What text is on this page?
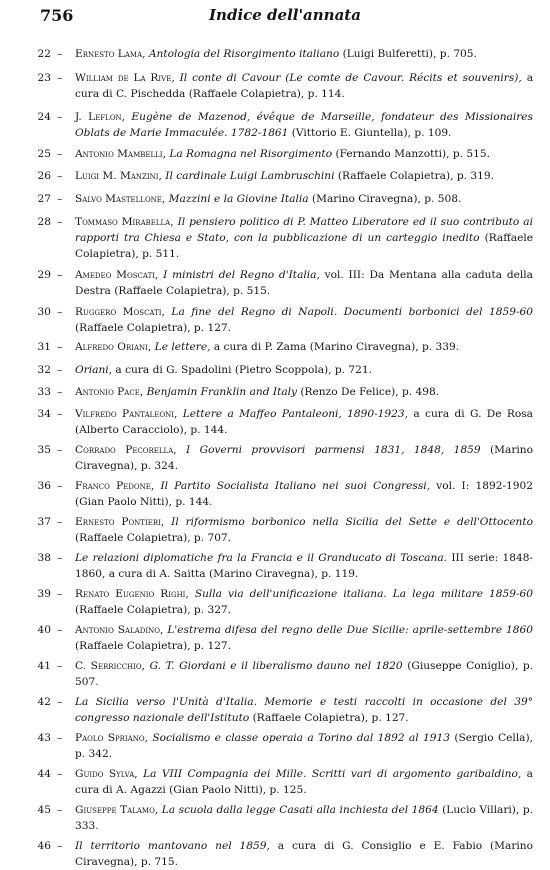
756	Indice dell'annata
22 – Ernesto Lama, Antologia del Risorgimento italiano (Luigi Bulferetti), p. 705.
23 – William de La Rive, Il conte di Cavour (Le comte de Cavour. Récits et souvenirs), a cura di C. Pischedda (Raffaele Colapietra), p. 114.
24 – J. Leflon, Eugène de Mazenod, évêque de Marseille, fondateur des Missionaires Oblats de Marie Immaculée. 1782-1861 (Vittorio E. Giuntella), p. 109.
25 – Antonio Mambelli, La Romagna nel Risorgimento (Fernando Manzotti), p. 515.
26 – Luigi M. Manzini, Il cardinale Luigi Lambruschini (Raffaele Colapietra), p. 319.
27 – Salvo Mastellone, Mazzini e la Giovine Italia (Marino Ciravegna), p. 508.
28 – Tommaso Mirabella, Il pensiero politico di P. Matteo Liberatore ed il suo contributo ai rapporti tra Chiesa e Stato, con la pubblicazione di un carteggio inedito (Raffaele Colapietra), p. 511.
29 – Amedeo Moscati, I ministri del Regno d'Italia, vol. III: Da Mentana alla caduta della Destra (Raffaele Colapietra), p. 515.
30 – Ruggero Moscati, La fine del Regno di Napoli. Documenti borbonici del 1859-60 (Raffaele Colapietra), p. 127.
31 – Alfredo Oriani, Le lettere, a cura di P. Zama (Marino Ciravegna), p. 339.
32 – Oriani, a cura di G. Spadolini (Pietro Scoppola), p. 721.
33 – Antonio Pace, Benjamin Franklin and Italy (Renzo De Felice), p. 498.
34 – Vilfredo Pantaleoni, Lettere a Maffeo Pantaleoni, 1890-1923, a cura di G. De Rosa (Alberto Caracciolo), p. 144.
35 – Corrado Pecorella, I Governi provvisori parmensi 1831, 1848, 1859 (Marino Ciravegna), p. 324.
36 – Franco Pedone, Il Partito Socialista Italiano nei suoi Congressi, vol. I: 1892-1902 (Gian Paolo Nitti), p. 144.
37 – Ernesto Pontieri, Il riformismo borbonico nella Sicilia del Sette e dell'Ottocento (Raffaele Colapietra), p. 707.
38 – Le relazioni diplomatiche fra la Francia e il Granducato di Toscana. III serie: 1848-1860, a cura di A. Saitta (Marino Ciravegna), p. 119.
39 – Renato Eugenio Righi, Sulla via dell'unificazione italiana. La lega militare 1859-60 (Raffaele Colapietra), p. 327.
40 – Antonio Saladino, L'estrema difesa del regno delle Due Sicilie: aprile-settembre 1860 (Raffaele Colapietra), p. 127.
41 – C. Serricchio, G. T. Giordani e il liberalismo dauno nel 1820 (Giuseppe Coniglio), p. 507.
42 – La Sicilia verso l'Unità d'Italia. Memorie e testi raccolti in occasione del 39° congresso nazionale dell'Istituto (Raffaele Colapietra), p. 127.
43 – Paolo Spriano, Socialismo e classe operaia a Torino dal 1892 al 1913 (Sergio Cella), p. 342.
44 – Guido Sylva, La VIII Compagnia dei Mille. Scritti vari di argomento garibaldino, a cura di A. Agazzi (Gian Paolo Nitti), p. 125.
45 – Giuseppe Talamo, La scuola dalla legge Casati alla inchiesta del 1864 (Lucio Villari), p. 333.
46 – Il territorio mantovano nel 1859, a cura di G. Consiglio e E. Fabio (Marino Ciravegna), p. 715.
